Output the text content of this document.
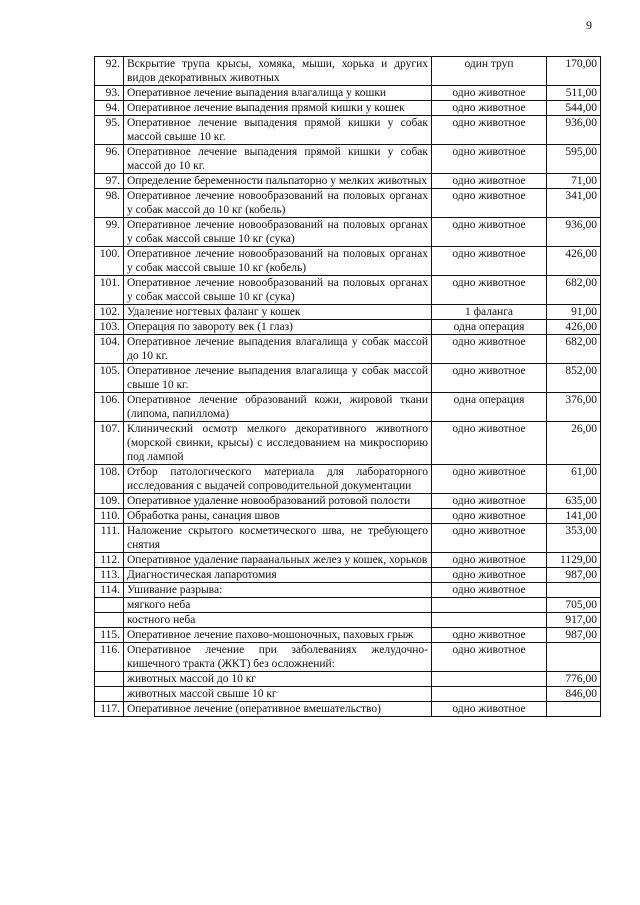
9
92.	Вскрытие трупа крысы, хомяка, мыши, хорька и других видов декоративных животных	один труп	170,00
93.	Оперативное лечение выпадения влагалища у кошки	одно животное	511,00
94.	Оперативное лечение выпадения прямой кишки у кошек	одно животное	544,00
95.	Оперативное лечение выпадения прямой кишки у собак массой свыше 10 кг.	одно животное	936,00
96.	Оперативное лечение выпадения прямой кишки у собак массой до 10 кг.	одно животное	595,00
97.	Определение беременности пальпаторно у мелких животных	одно животное	71,00
98.	Оперативное лечение новообразований на половых органах у собак массой до 10 кг (кобель)	одно животное	341,00
99.	Оперативное лечение новообразований на половых органах у собак массой свыше 10 кг (сука)	одно животное	936,00
100.	Оперативное лечение новообразований на половых органах у собак массой свыше 10 кг (кобель)	одно животное	426,00
101.	Оперативное лечение новообразований на половых органах у собак массой свыше 10 кг (сука)	одно животное	682,00
102.	Удаление ногтевых фаланг у кошек	1 фаланга	91,00
103.	Операция по завороту век (1 глаз)	одна операция	426,00
104.	Оперативное лечение выпадения влагалища у собак массой до 10 кг.	одно животное	682,00
105.	Оперативное лечение выпадения влагалища у собак массой свыше 10 кг.	одно животное	852,00
106.	Оперативное лечение образований кожи, жировой ткани (липома, папиллома)	одна операция	376,00
107.	Клинический осмотр мелкого декоративного животного (морской свинки, крысы) с исследованием на микроспорию под лампой	одно животное	26,00
108.	Отбор патологического материала для лабораторного исследования с выдачей сопроводительной документации	одно животное	61,00
109.	Оперативное удаление новообразований ротовой полости	одно животное	635,00
110.	Обработка раны, санация швов	одно животное	141,00
111.	Наложение скрытого косметического шва, не требующего снятия	одно животное	353,00
112.	Оперативное удаление параанальных желез у кошек, хорьков	одно животное	1129,00
113.	Диагностическая лапаротомия	одно животное	987,00
114.	Ушивание разрыва:	одно животное	
	мягкого неба		705,00
	костного неба		917,00
115.	Оперативное лечение пахово-мошоночных, паховых грыж	одно животное	987,00
116.	Оперативное лечение при заболеваниях желудочно-кишечного тракта (ЖКТ) без осложнений:	одно животное	
	животных массой до 10 кг		776,00
	животных массой свыше 10 кг		846,00
117.	Оперативное лечение (оперативное вмешательство)	одно животное	
